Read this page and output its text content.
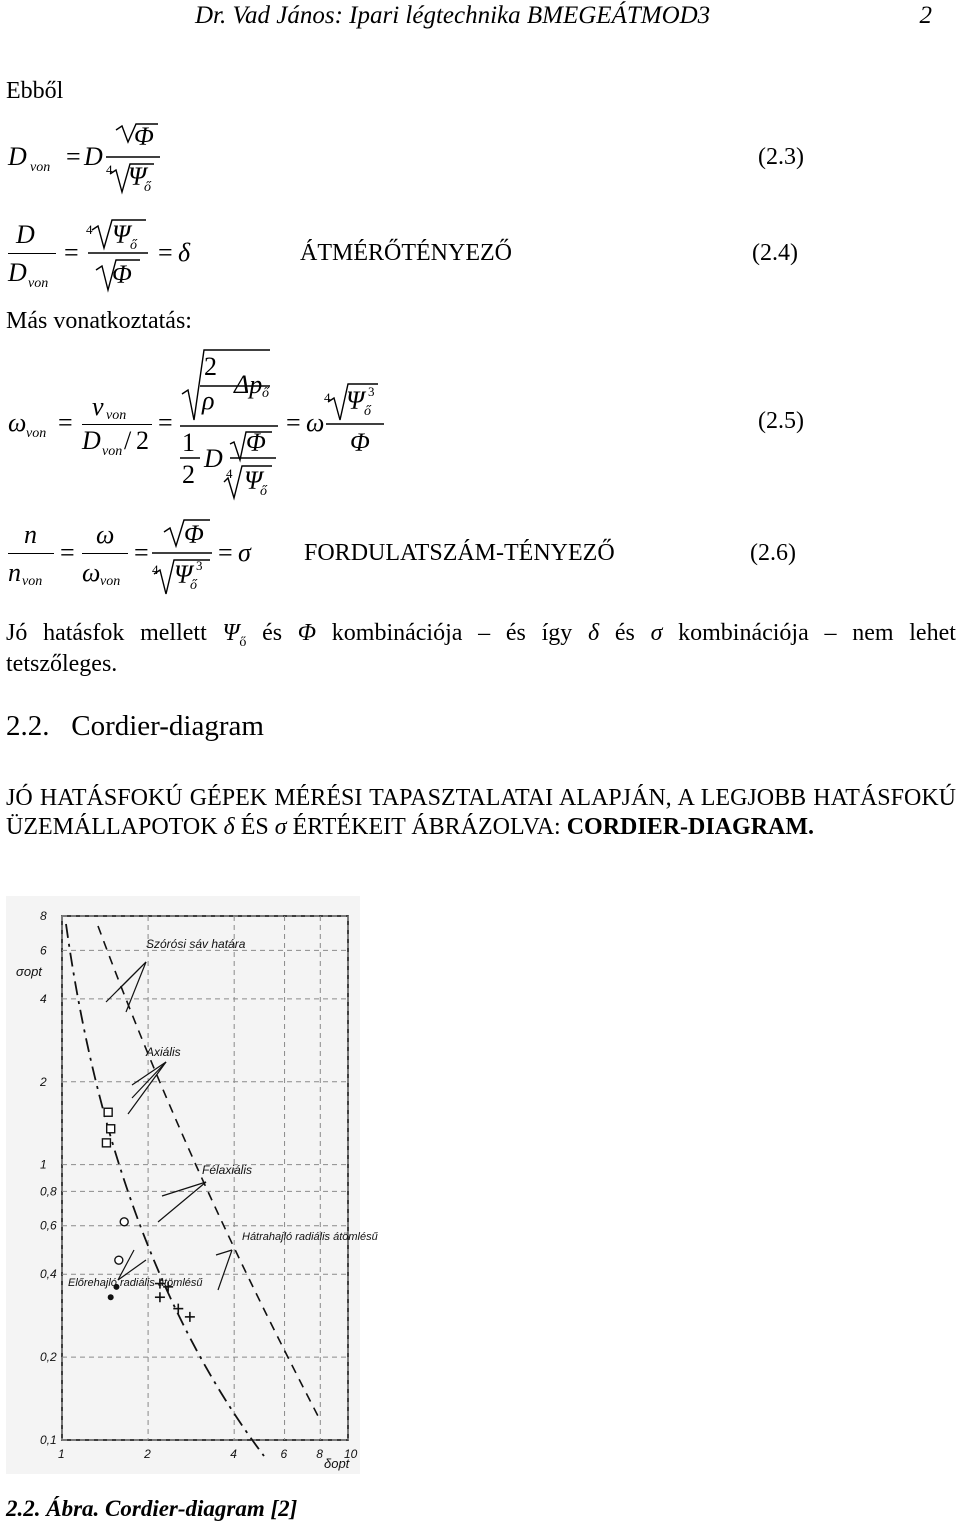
Dr. Vad János: Ipari légtechnika BMEGEÁTMOD3	2
Ebből
D von = D
Φ
4 Ψ
ő
(2.3)
D
D von
=
4 Ψ ő
Φ
= δ	ÁTMÉRŐTÉNYEZŐ	(2.4)
Más vonatkoztatás:
ω von =
v von
D von / 2
=
2
Δp ő
ρ
1
2
D
Φ
4 Ψ
ő
= ω
4 Ψ 3
ő
Φ
(2.5)
n
n von
=
ω
ω von
=
Φ
4 Ψ 3
ő
= σ FORDULATSZÁM-TÉNYEZŐ	(2.6)
Jó hatásfok mellett $\Psi_ő$ és Φ kombinációja – és így δ és σ kombinációja – nem lehet
tetszőleges.
2.2. Cordier-diagram
JÓ HATÁSFOKÚ GÉPEK MÉRÉSI TAPASZTALATAI ALAPJÁN, A LEGJOBB HATÁSFOKÚ ÜZEMÁLLAPOTOK δ ÉS σ ÉRTÉKEIT ÁBRÁZOLVA: CORDIER-DIAGRAM.
8
6
4
2
1
0,8
0,6
0,4
0,2
0,1
1	2	4	6 8 10
Szórósi sáv határa
Axiális
Félaxiális
Hátrahajló radiális átömlésű
Előrehajló radiális átömlésű
σopt
δopt
2.2. Ábra. Cordier-diagram [2]
